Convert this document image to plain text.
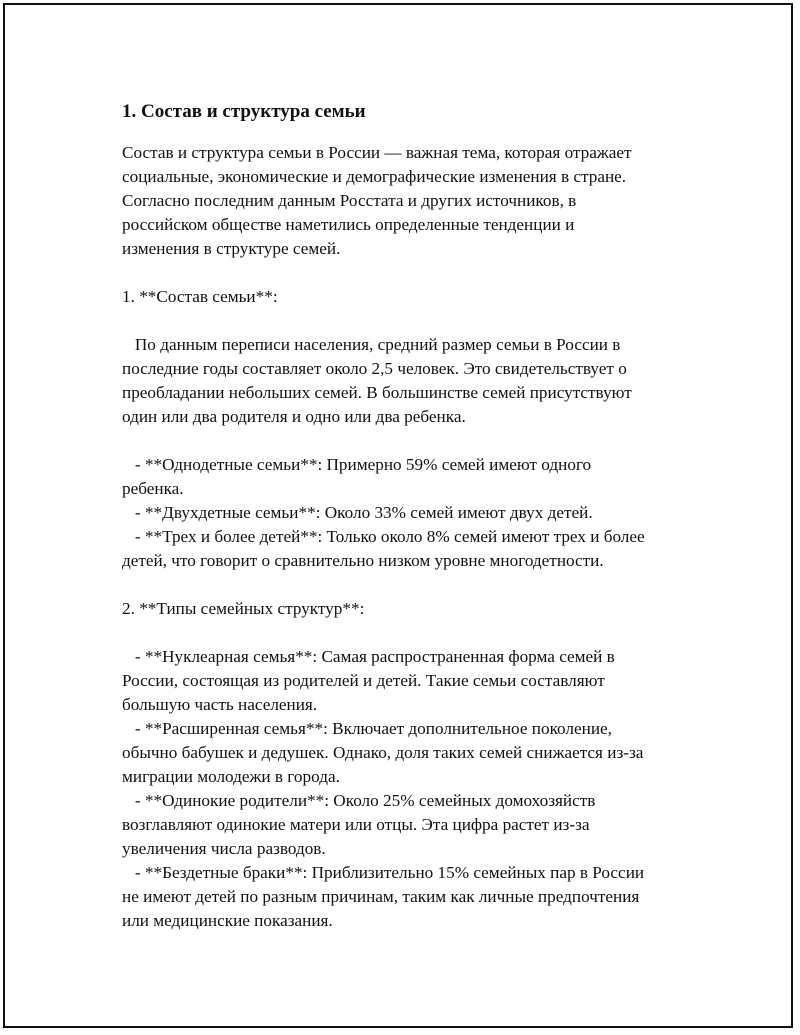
1. Состав и структура семьи
Состав и структура семьи в России — важная тема, которая отражает
социальные, экономические и демографические изменения в стране.
Согласно последним данным Росстата и других источников, в
российском обществе наметились определенные тенденции и
изменения в структуре семей.
1. **Состав семьи**:
По данным переписи населения, средний размер семьи в России в
последние годы составляет около 2,5 человек. Это свидетельствует о
преобладании небольших семей. В большинстве семей присутствуют
один или два родителя и одно или два ребенка.
- **Однодетные семьи**: Примерно 59% семей имеют одного
ребенка.
- **Двухдетные семьи**: Около 33% семей имеют двух детей.
- **Трех и более детей**: Только около 8% семей имеют трех и более
детей, что говорит о сравнительно низком уровне многодетности.
2. **Типы семейных структур**:
- **Нуклеарная семья**: Самая распространенная форма семей в
России, состоящая из родителей и детей. Такие семьи составляют
большую часть населения.
- **Расширенная семья**: Включает дополнительное поколение,
обычно бабушек и дедушек. Однако, доля таких семей снижается из-за
миграции молодежи в города.
- **Одинокие родители**: Около 25% семейных домохозяйств
возглавляют одинокие матери или отцы. Эта цифра растет из-за
увеличения числа разводов.
- **Бездетные браки**: Приблизительно 15% семейных пар в России
не имеют детей по разным причинам, таким как личные предпочтения
или медицинские показания.
